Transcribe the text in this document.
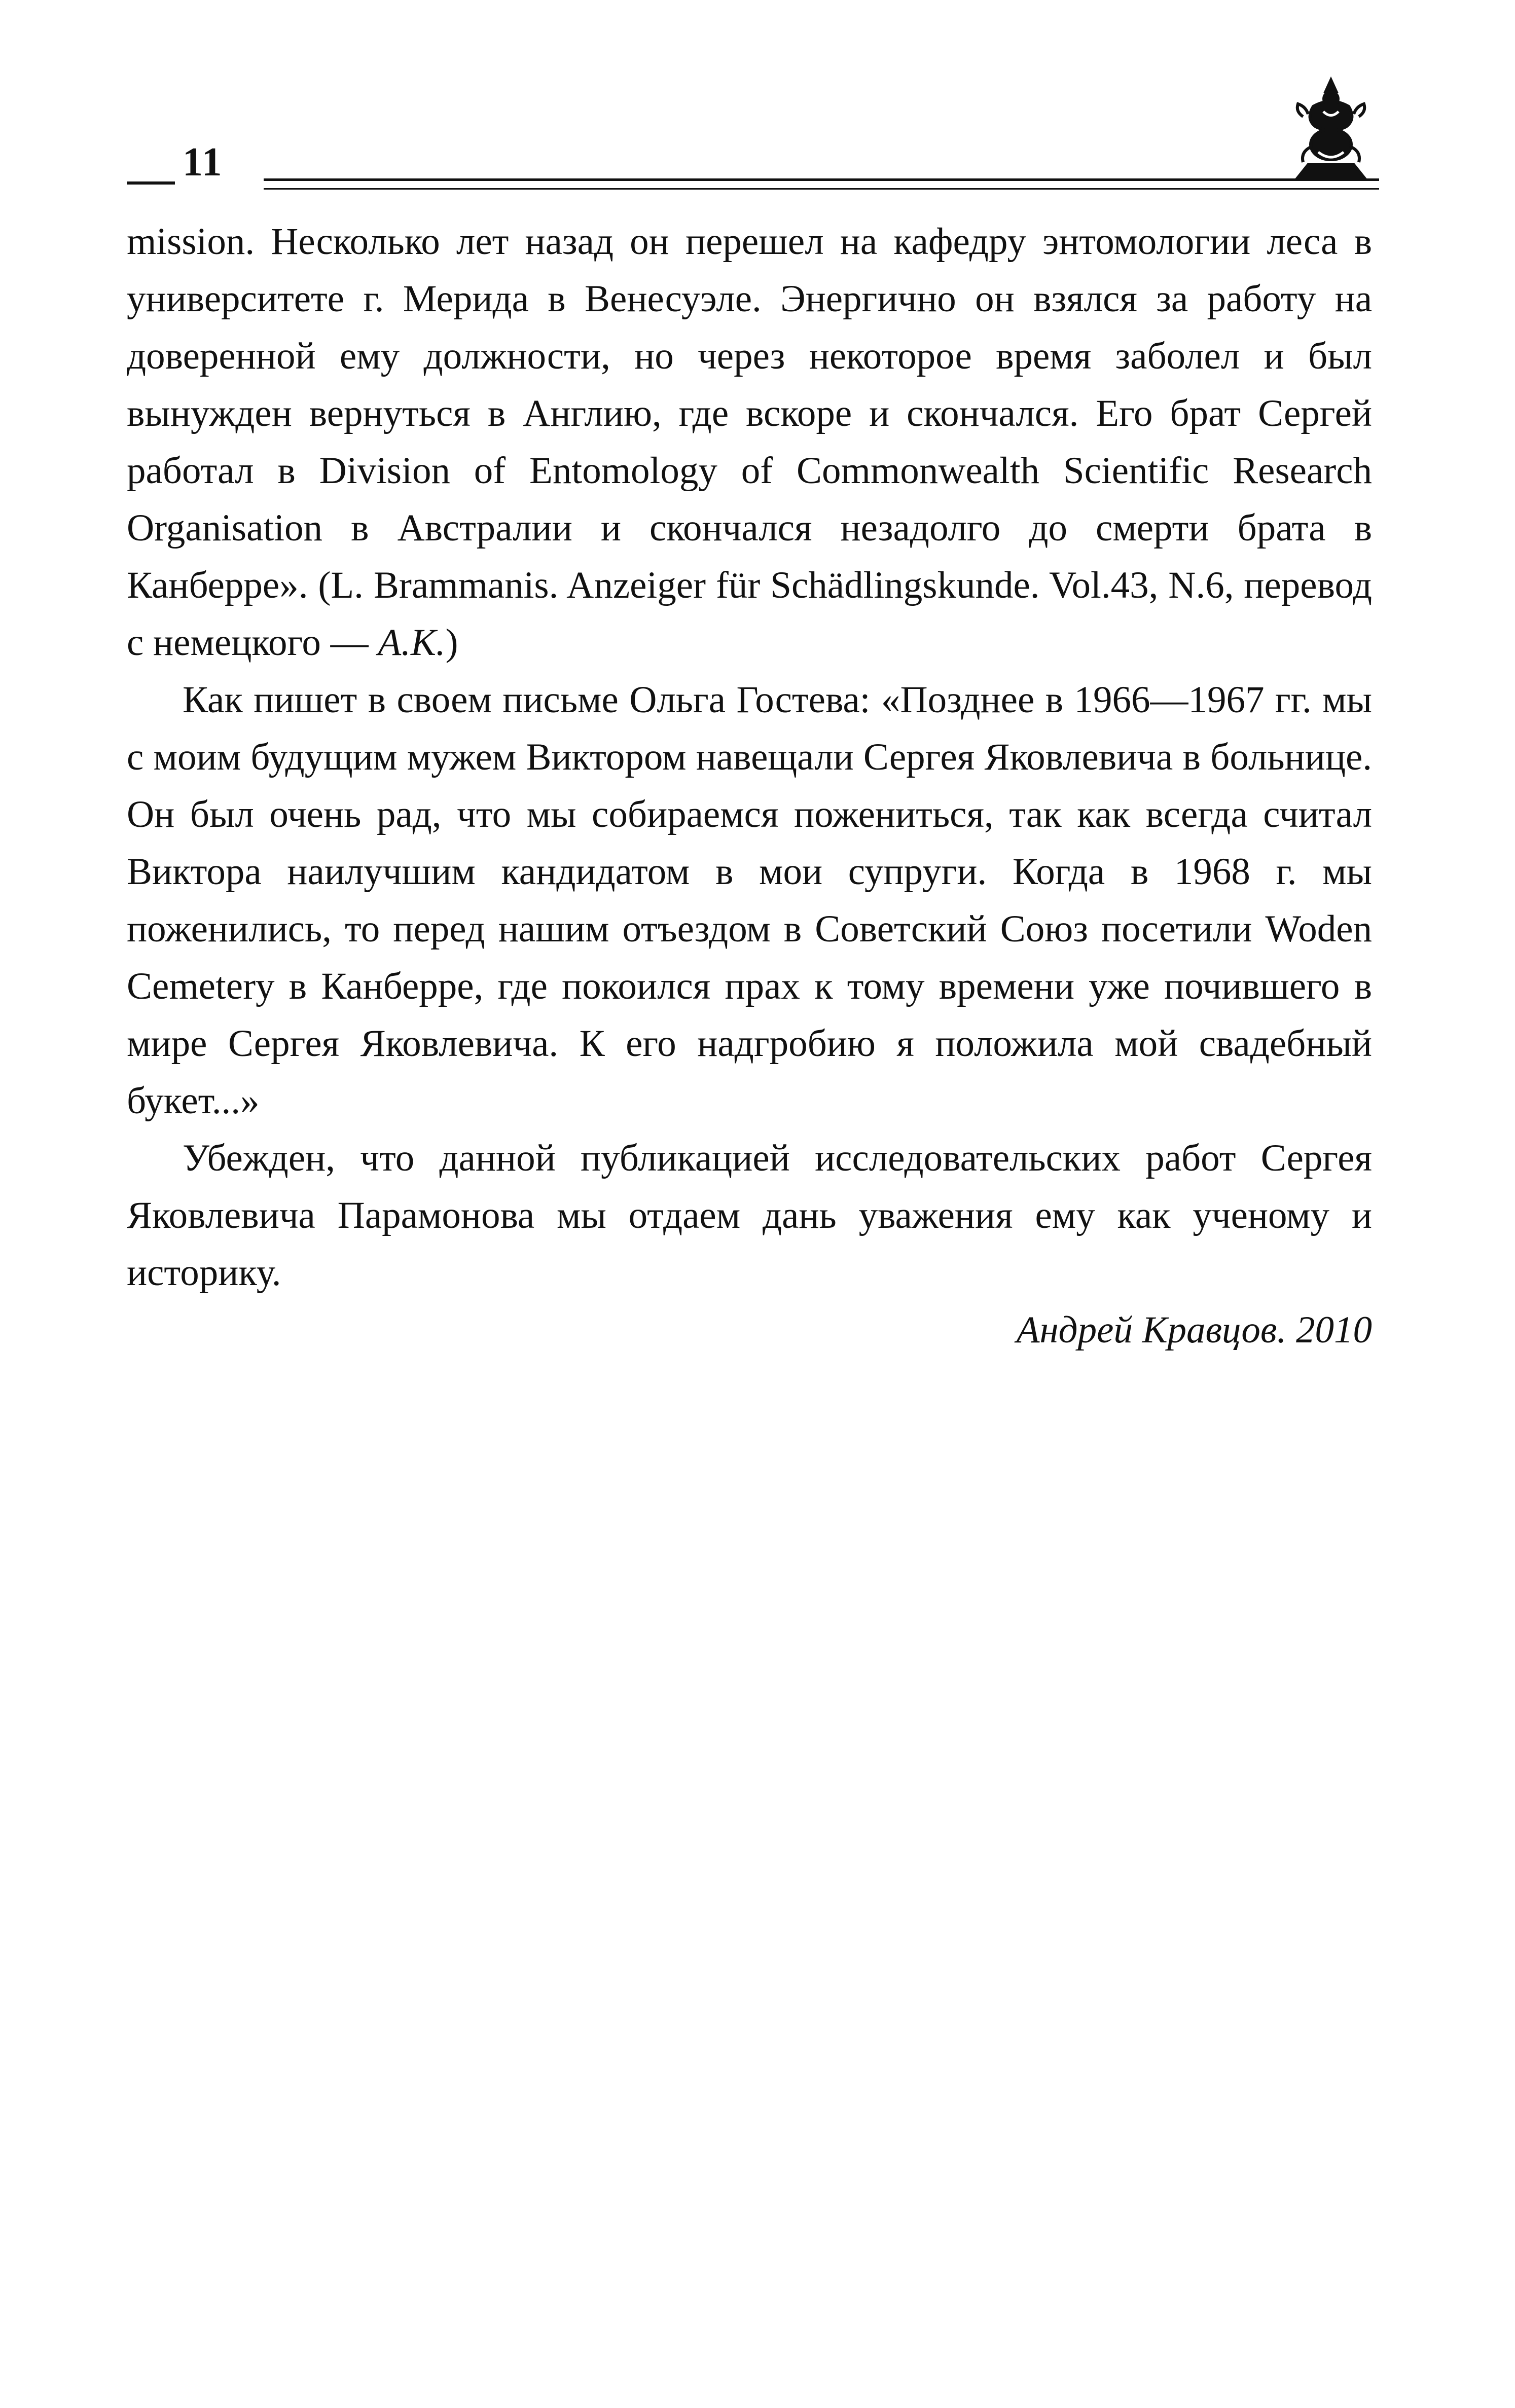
11

mission. Несколько лет назад он перешел на кафедру энтомологии леса в университете г. Мерида в Венесуэле. Энергично он взялся за работу на доверенной ему должности, но через некоторое время заболел и был вынужден вернуться в Англию, где вскоре и скончался. Его брат Сергей работал в Division of Entomology of Commonwealth Scientific Research Organisation в Австралии и скончался незадолго до смерти брата в Канберре». (L. Brammanis. Anzeiger für Schädlingskunde. Vol.43, N.6, перевод с немецкого — А.К.)

Как пишет в своем письме Ольга Гостева: «Позднее в 1966—1967 гг. мы с моим будущим мужем Виктором навещали Сергея Яковлевича в больнице. Он был очень рад, что мы собираемся пожениться, так как всегда считал Виктора наилучшим кандидатом в мои супруги. Когда в 1968 г. мы поженились, то перед нашим отъездом в Советский Союз посетили Woden Cemetery в Канберре, где покоился прах к тому времени уже почившего в мире Сергея Яковлевича. К его надгробию я положила мой свадебный букет...»

Убежден, что данной публикацией исследовательских работ Сергея Яковлевича Парамонова мы отдаем дань уважения ему как ученому и историку.

Андрей Кравцов. 2010
